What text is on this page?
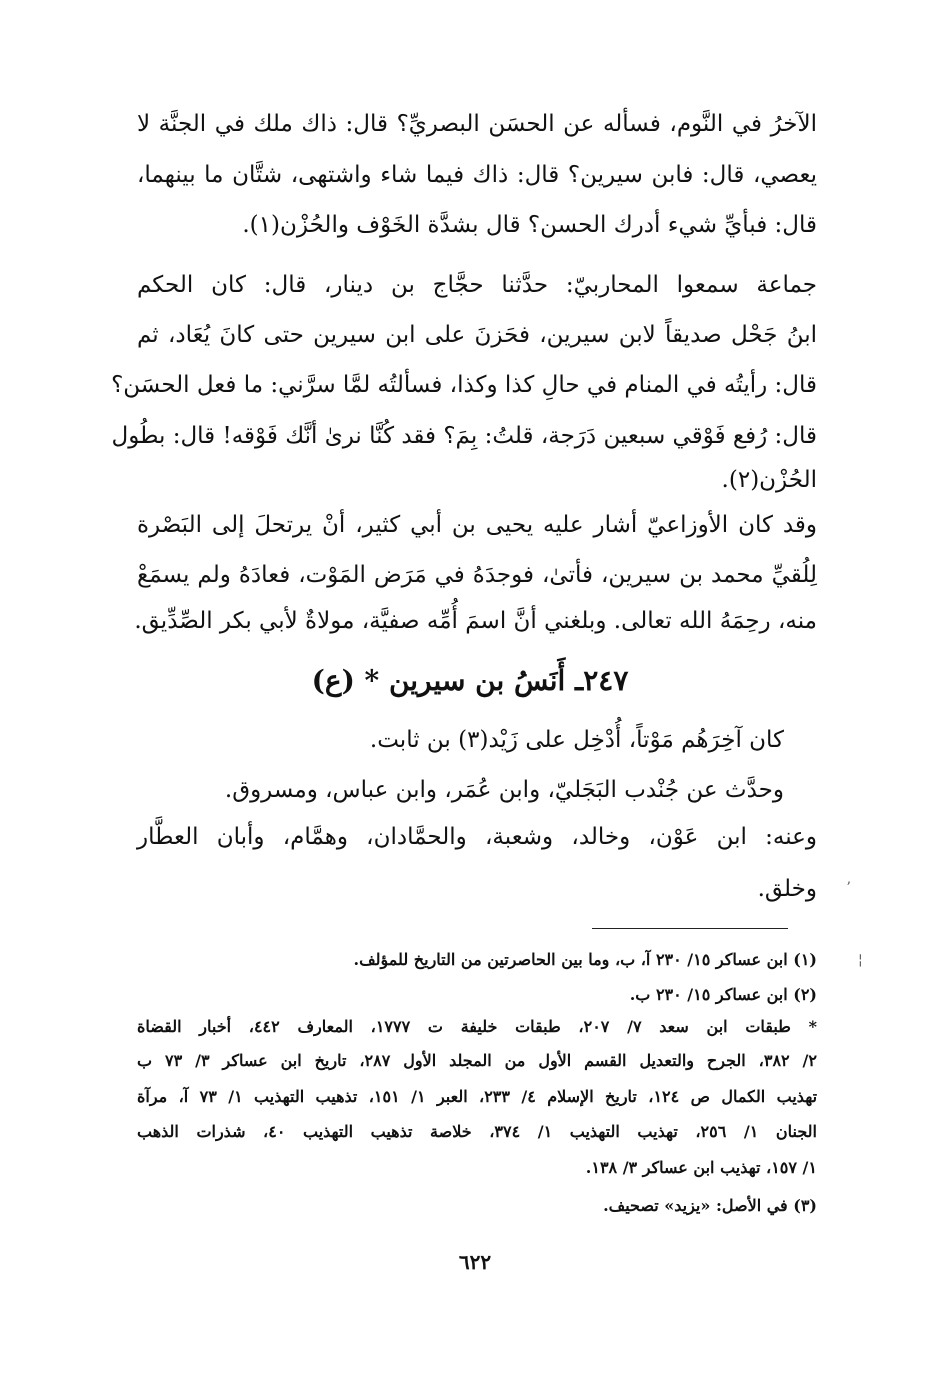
الآخرُ في النَّوم، فسأله عن الحسَن البصريِّ؟ قال: ذاك ملك في الجنَّة لا

يعصي، قال: فابن سيرين؟ قال: ذاك فيما شاء واشتهى، شتَّان ما بينهما،

قال: فبأيِّ شيء أدرك الحسن؟ قال بشدَّة الخَوْف والحُزْن(١).

جماعة سمعوا المحاربيّ: حدَّثنا حجَّاج بن دينار، قال: كان الحكم

ابنُ جَحْل صديقاً لابن سيرين، فحَزنَ على ابن سيرين حتى كانَ يُعَاد، ثم

قال: رأيتُه في المنام في حالِ كذا وكذا، فسألتُه لمَّا سرَّني: ما فعل الحسَن؟

قال: رُفع فَوْقي سبعين دَرَجة، قلتُ: بِمَ؟ فقد كُنَّا نرىٰ أنَّك فَوْقه! قال: بطُول

الحُزْن(٢).

وقد كان الأوزاعيّ أشار عليه يحيى بن أبي كثير، أنْ يرتحلَ إلى البَصْرة

لِلُقيِّ محمد بن سيرين، فأتىٰ، فوجدَهُ في مَرَض المَوْت، فعادَهُ ولم يسمَعْ

منه، رحِمَهُ الله تعالى. وبلغني أنَّ اسمَ أُمِّه صفيَّة، مولاةٌ لأبي بكر الصِّدِّيق.

٢٤٧ـ أَنَسُ بن سيرين * (ع)

كان آخِرَهُم مَوْتاً، أُدْخِل على زَيْد(٣) بن ثابت.

وحدَّث عن جُنْدب البَجَليّ، وابن عُمَر، وابن عباس، ومسروق.

وعنه: ابن عَوْن، وخالد، وشعبة، والحمَّادان، وهمَّام، وأبان العطَّار

وخلق.

(١) ابن عساكر ١٥/ ٢٣٠ آ، ب، وما بين الحاصرتين من التاريخ للمؤلف.

(٢) ابن عساكر ١٥/ ٢٣٠ ب.

* طبقات ابن سعد ٧/ ٢٠٧، طبقات خليفة ت ١٧٧٧، المعارف ٤٤٢، أخبار القضاة

٢/ ٣٨٢، الجرح والتعديل القسم الأول من المجلد الأول ٢٨٧، تاريخ ابن عساكر ٣/ ٧٣ ب

تهذيب الكمال ص ١٢٤، تاريخ الإسلام ٤/ ٢٣٣، العبر ١/ ١٥١، تذهيب التهذيب ١/ ٧٣ آ، مرآة

الجنان ١/ ٢٥٦، تهذيب التهذيب ١/ ٣٧٤، خلاصة تذهيب التهذيب ٤٠، شذرات الذهب

١/ ١٥٧، تهذيب ابن عساكر ٣/ ١٣٨.

(٣) في الأصل: «يزيد» تصحيف.

٦٢٢
ʼ
¦
